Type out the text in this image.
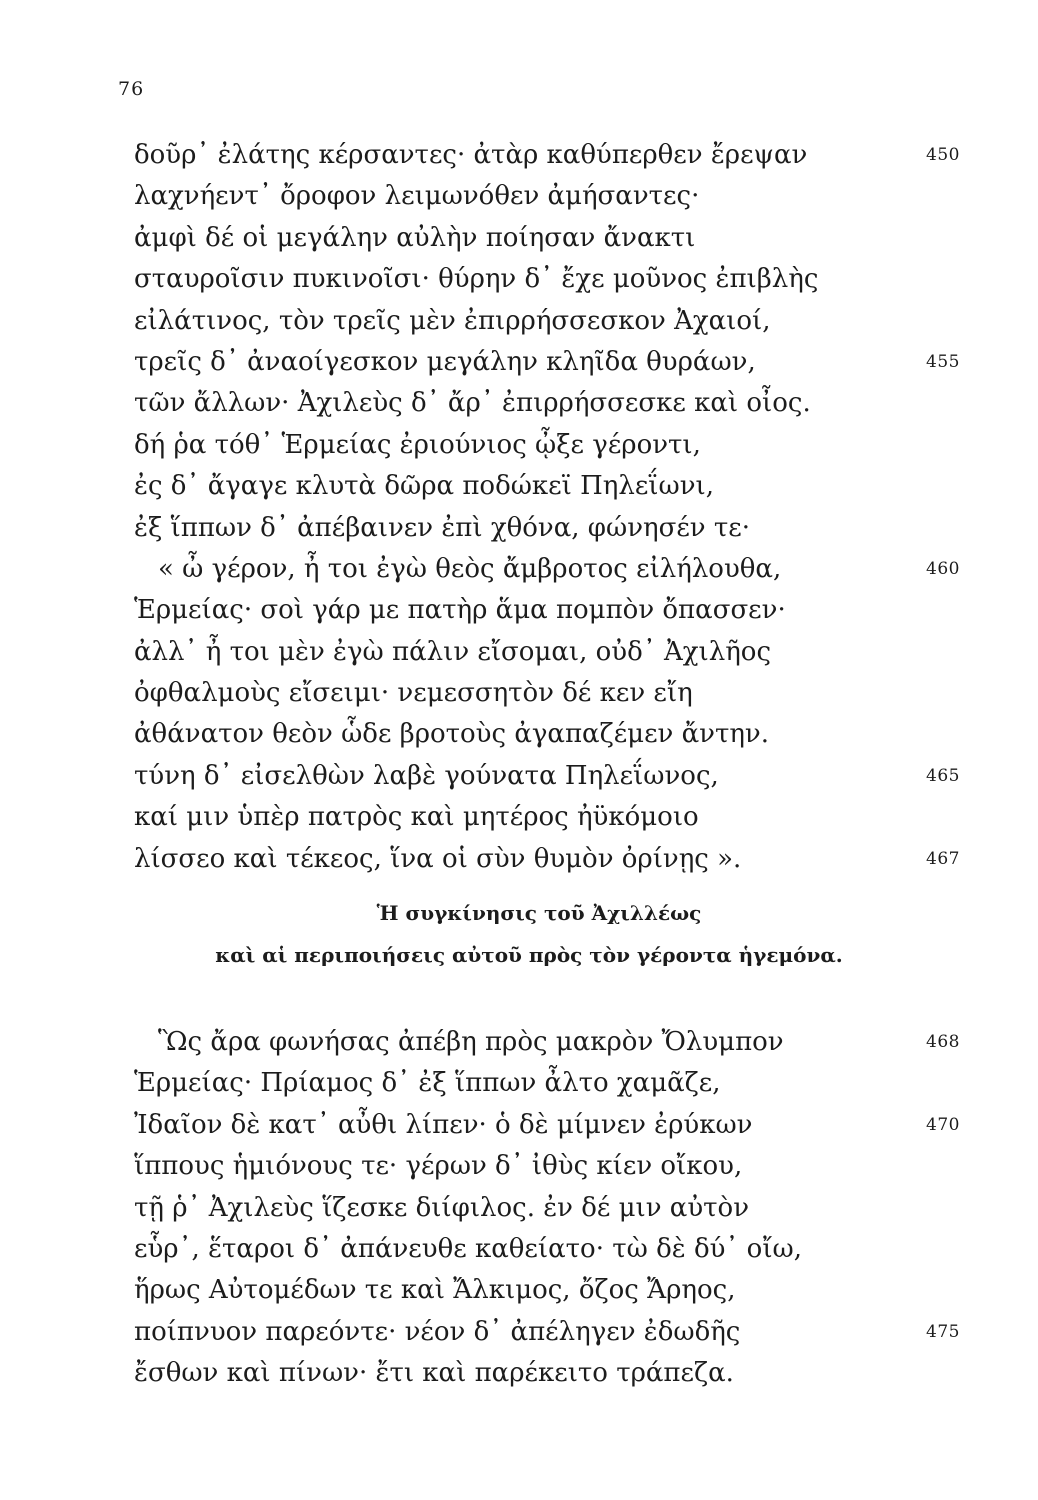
76
δοῦρ᾽ ἐλάτης κέρσαντες· ἀτὰρ καθύπερθεν ἔρεψαν	450
λαχνήεντ᾽ ὄροφον λειμωνόθεν ἀμήσαντες·
ἀμφὶ δέ οἱ μεγάλην αὐλὴν ποίησαν ἄνακτι
σταυροῖσιν πυκινοῖσι· θύρην δ᾽ ἔχε μοῦνος ἐπιβλὴς
εἰλάτινος, τὸν τρεῖς μὲν ἐπιρρήσσεσκον Ἀχαιοί,
τρεῖς δ᾽ ἀναοίγεσκον μεγάλην κληῖδα θυράων,	455
τῶν ἄλλων· Ἀχιλεὺς δ᾽ ἄρ᾽ ἐπιρρήσσεσκε καὶ οἶος.
δή ῥα τόθ᾽ Ἑρμείας ἐριούνιος ᾦξε γέροντι,
ἐς δ᾽ ἄγαγε κλυτὰ δῶρα ποδώκεϊ Πηλεΐωνι,
ἐξ ἵππων δ᾽ ἀπέβαινεν ἐπὶ χθόνα, φώνησέν τε·
« ὦ γέρον, ἦ τοι ἐγὼ θεὸς ἄμβροτος εἰλήλουθα,	460
Ἑρμείας· σοὶ γάρ με πατὴρ ἅμα πομπὸν ὄπασσεν·
ἀλλ᾽ ἦ τοι μὲν ἐγὼ πάλιν εἴσομαι, οὐδ᾽ Ἀχιλῆος
ὀφθαλμοὺς εἴσειμι· νεμεσσητὸν δέ κεν εἴη
ἀθάνατον θεὸν ὧδε βροτοὺς ἀγαπαζέμεν ἄντην.
τύνη δ᾽ εἰσελθὼν λαβὲ γούνατα Πηλεΐωνος,	465
καί μιν ὑπὲρ πατρὸς καὶ μητέρος ἠϋκόμοιο
λίσσεο καὶ τέκεος, ἵνα οἱ σὺν θυμὸν ὀρίνῃς ».	467
Ἡ συγκίνησις τοῦ Ἀχιλλέως
καὶ αἱ περιποιήσεις αὐτοῦ πρὸς τὸν γέροντα ἡγεμόνα.
Ὣς ἄρα φωνήσας ἀπέβη πρὸς μακρὸν Ὄλυμπον	468
Ἑρμείας· Πρίαμος δ᾽ ἐξ ἵππων ἆλτο χαμᾶζε,
Ἰδαῖον δὲ κατ᾽ αὖθι λίπεν· ὁ δὲ μίμνεν ἐρύκων	470
ἵππους ἡμιόνους τε· γέρων δ᾽ ἰθὺς κίεν οἴκου,
τῇ ῥ᾽ Ἀχιλεὺς ἵζεσκε διίφιλος. ἐν δέ μιν αὐτὸν
εὗρ᾽, ἕταροι δ᾽ ἀπάνευθε καθείατο· τὼ δὲ δύ᾽ οἴω,
ἥρως Αὐτομέδων τε καὶ Ἄλκιμος, ὄζος Ἄρηος,
ποίπνυον παρεόντε· νέον δ᾽ ἀπέληγεν ἐδωδῆς	475
ἔσθων καὶ πίνων· ἔτι καὶ παρέκειτο τράπεζα.
